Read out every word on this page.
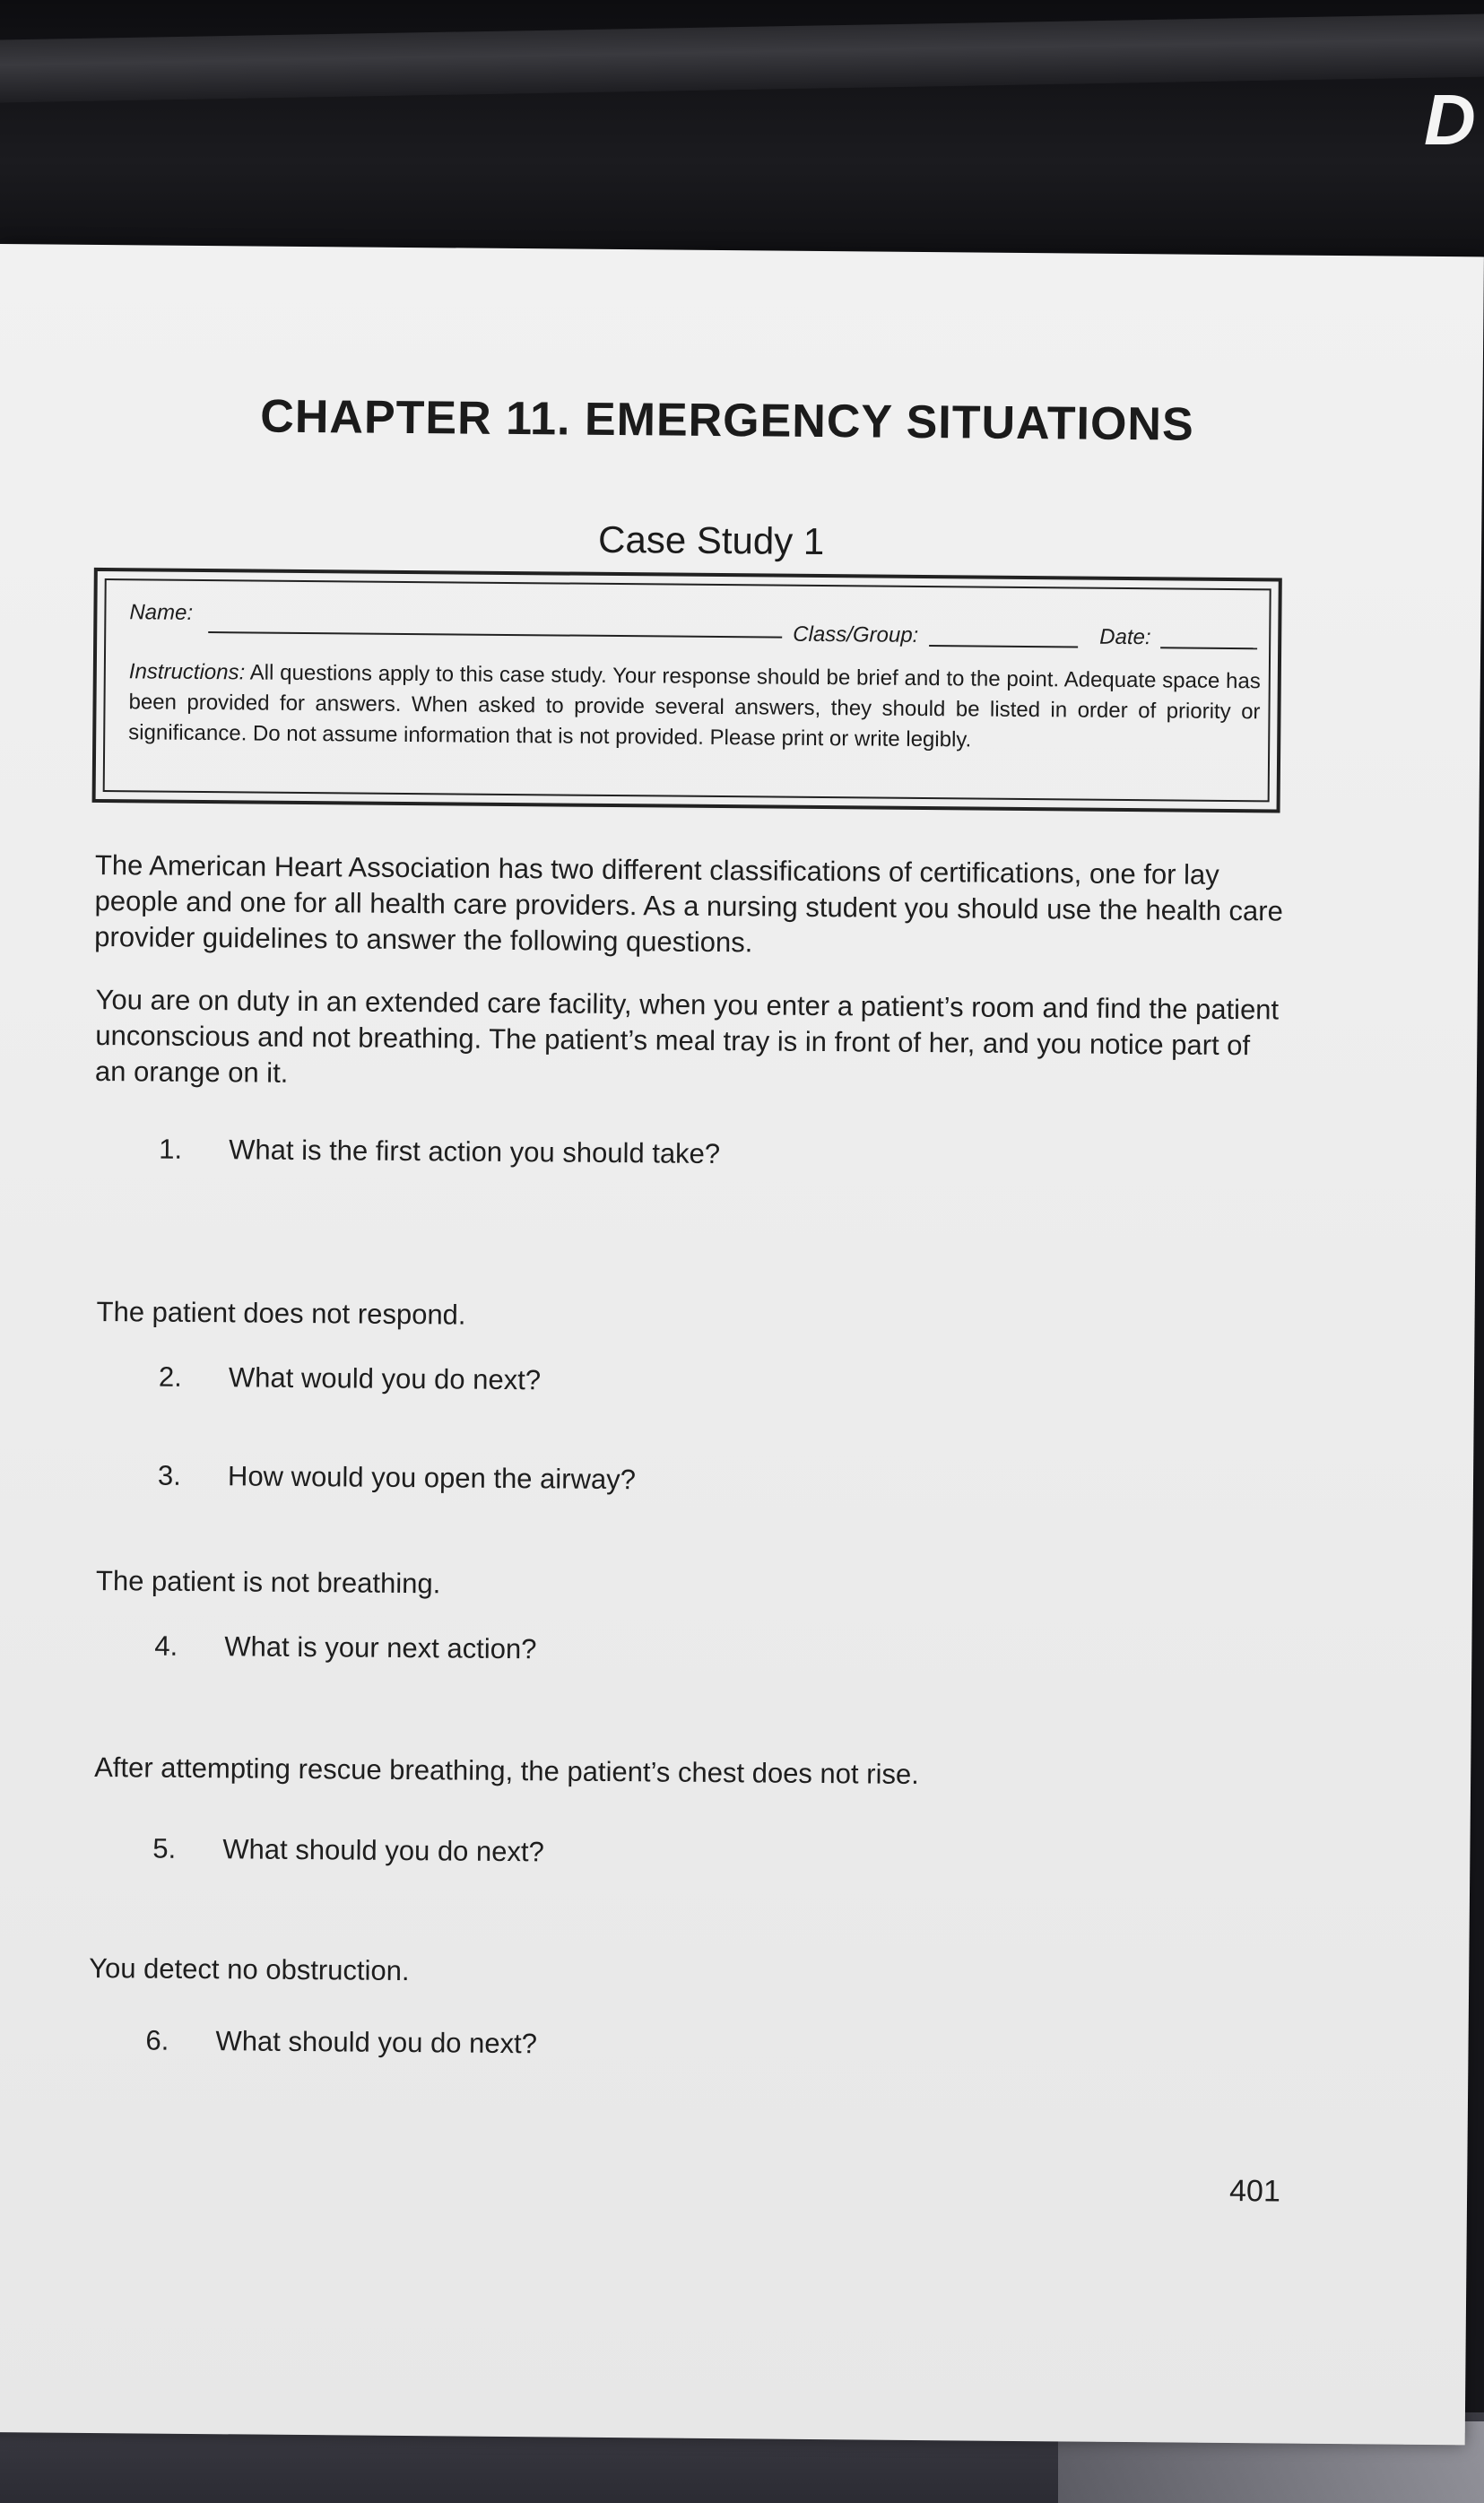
D
CHAPTER 11. EMERGENCY SITUATIONS
Case Study 1
Name:
Class/Group:	Date:
Instructions: All questions apply to this case study. Your response should be brief and to the point. Adequate space has been provided for answers. When asked to provide several answers, they should be listed in order of priority or significance. Do not assume information that is not provided. Please print or write legibly.
The American Heart Association has two different classifications of certifications, one for lay people and one for all health care providers. As a nursing student you should use the health care provider guidelines to answer the following questions.
You are on duty in an extended care facility, when you enter a patient’s room and find the patient unconscious and not breathing. The patient’s meal tray is in front of her, and you notice part of an orange on it.
1. What is the first action you should take?
The patient does not respond.
2. What would you do next?
3. How would you open the airway?
The patient is not breathing.
4. What is your next action?
After attempting rescue breathing, the patient’s chest does not rise.
5. What should you do next?
You detect no obstruction.
6. What should you do next?
401
